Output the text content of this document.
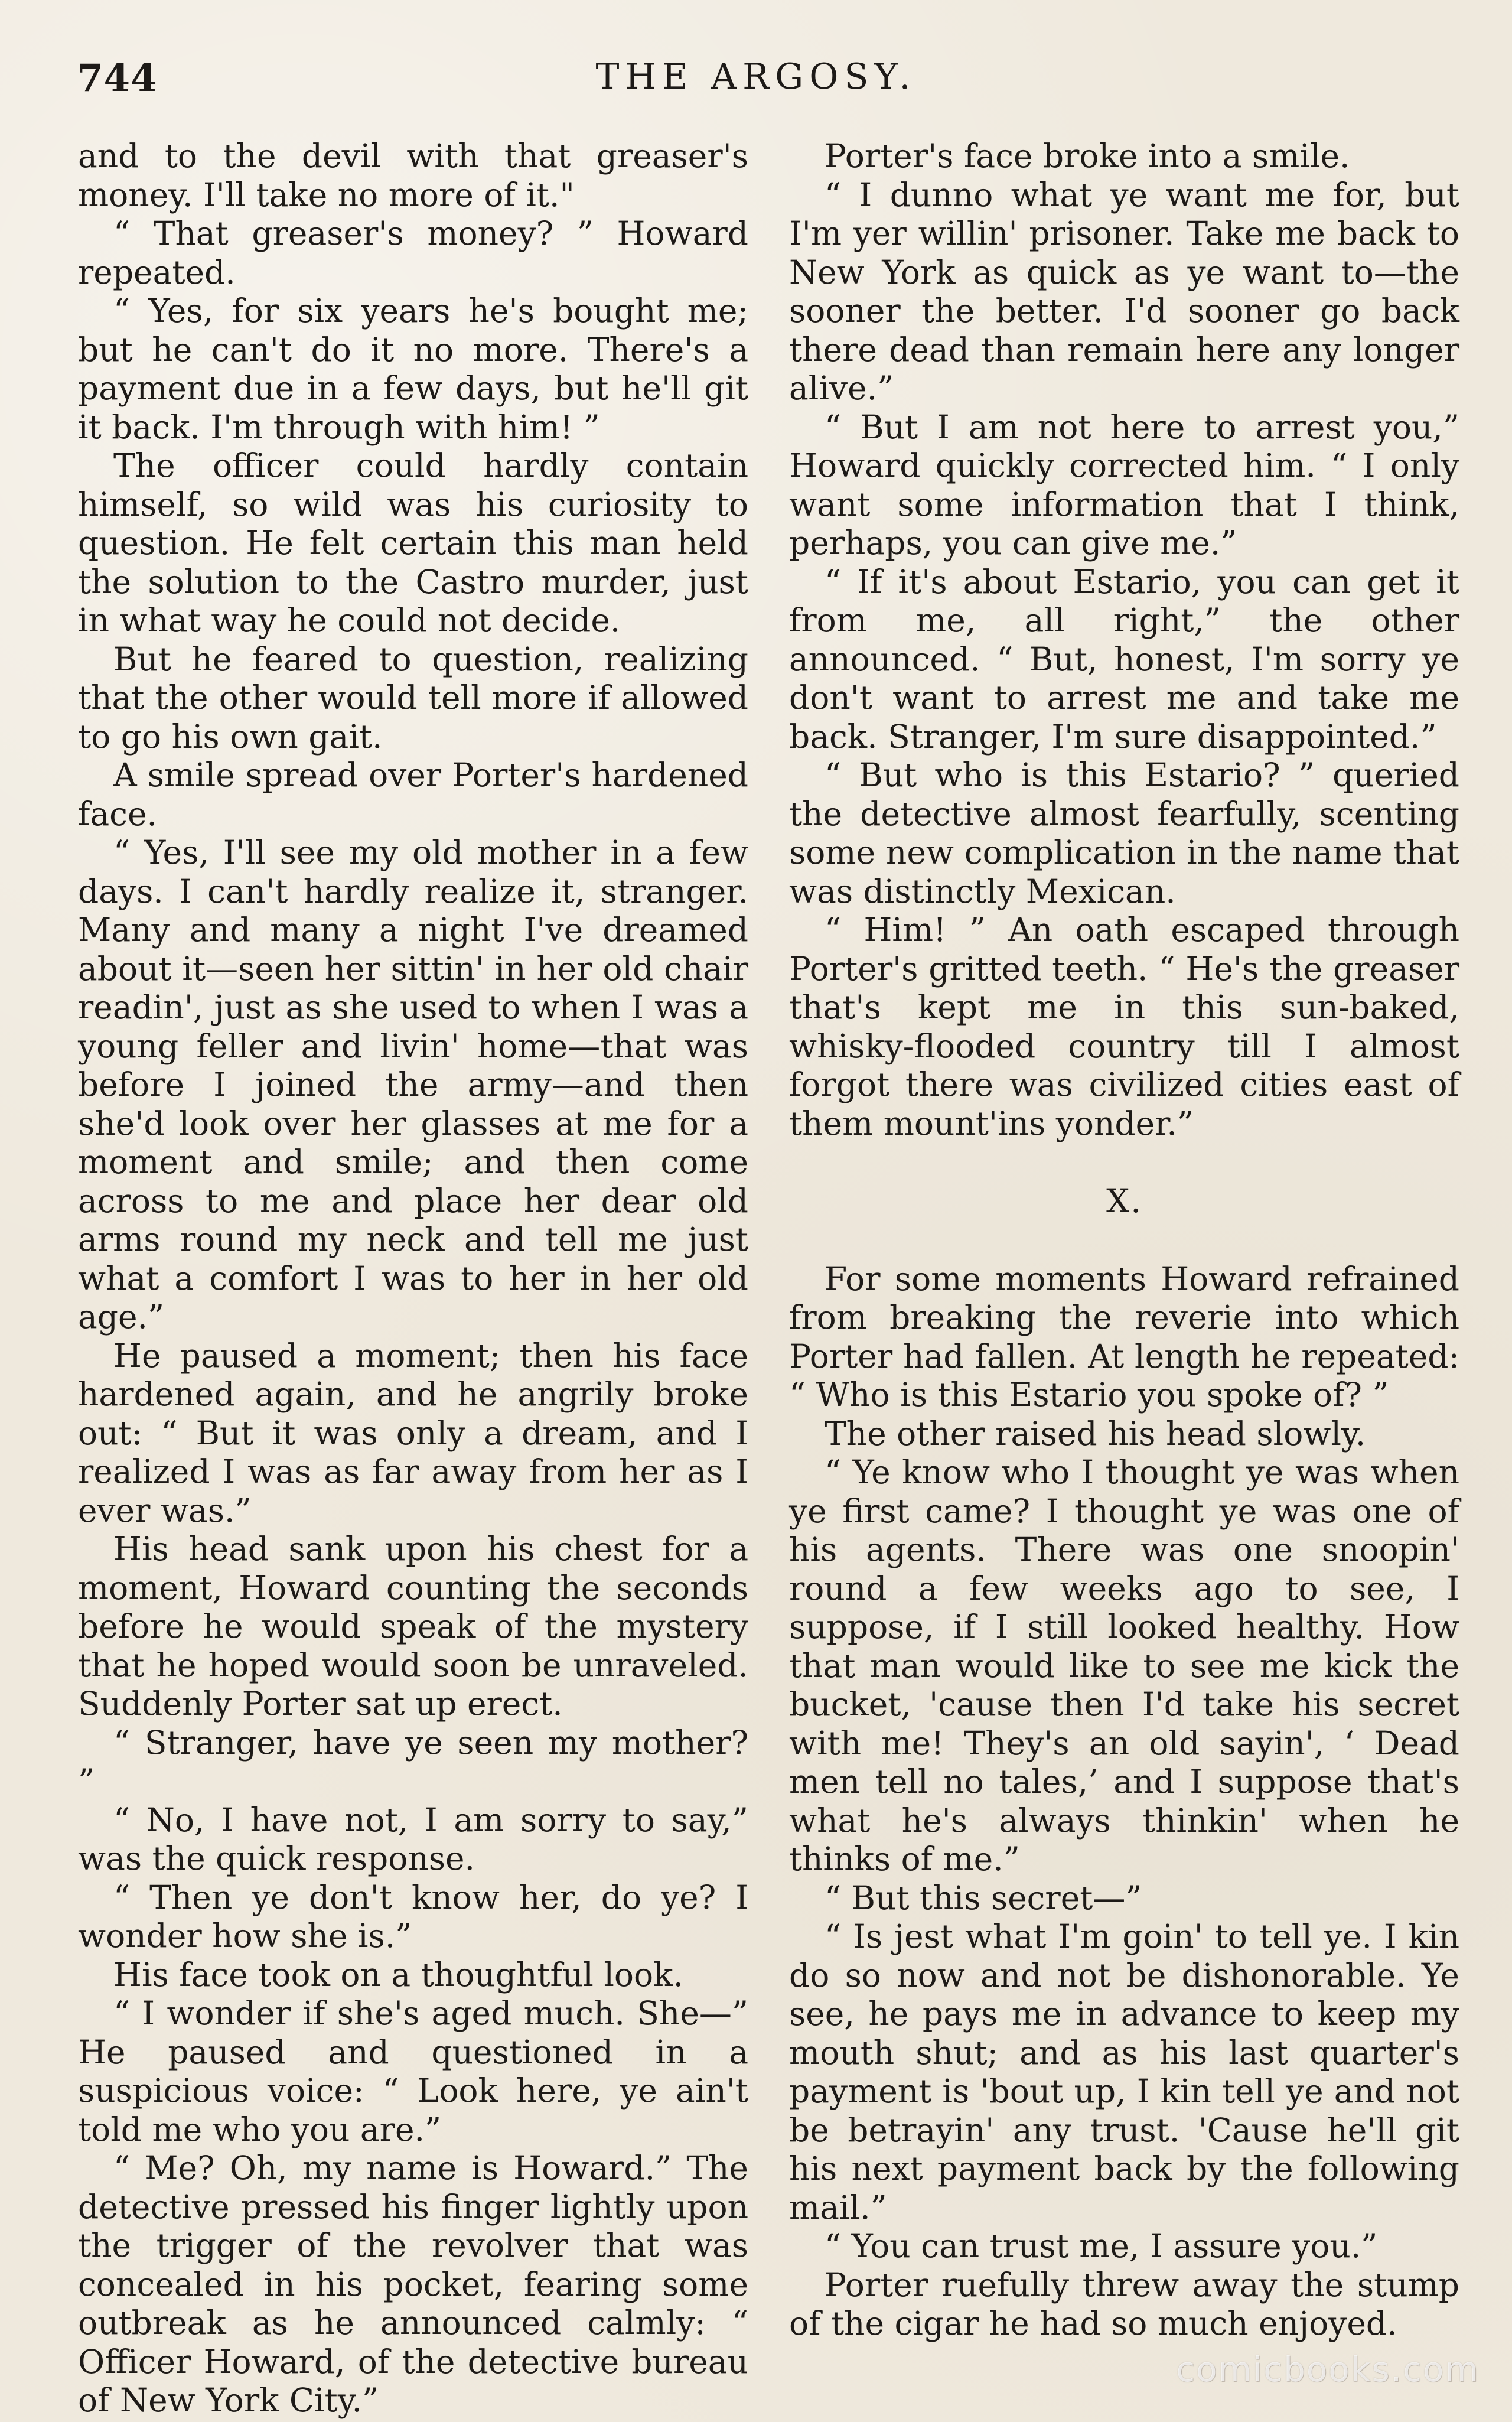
744	THE ARGOSY.

and to the devil with that greaser's money. I'll take no more of it."

“ That greaser's money? ” Howard repeated.

“ Yes, for six years he's bought me; but he can't do it no more. There's a payment due in a few days, but he'll git it back. I'm through with him! ”

The officer could hardly contain himself, so wild was his curiosity to question. He felt certain this man held the solution to the Castro murder, just in what way he could not decide.

But he feared to question, realizing that the other would tell more if allowed to go his own gait.

A smile spread over Porter's hardened face.

“ Yes, I'll see my old mother in a few days. I can't hardly realize it, stranger. Many and many a night I've dreamed about it—seen her sittin' in her old chair readin', just as she used to when I was a young feller and livin' home—that was before I joined the army—and then she'd look over her glasses at me for a moment and smile; and then come across to me and place her dear old arms round my neck and tell me just what a comfort I was to her in her old age.”

He paused a moment; then his face hardened again, and he angrily broke out: “ But it was only a dream, and I realized I was as far away from her as I ever was.”

His head sank upon his chest for a moment, Howard counting the seconds before he would speak of the mystery that he hoped would soon be unraveled. Suddenly Porter sat up erect.

“ Stranger, have ye seen my mother? ”

“ No, I have not, I am sorry to say,” was the quick response.

“ Then ye don't know her, do ye? I wonder how she is.”

His face took on a thoughtful look.

“ I wonder if she's aged much. She—” He paused and questioned in a suspicious voice: “ Look here, ye ain't told me who you are.”

“ Me? Oh, my name is Howard.” The detective pressed his finger lightly upon the trigger of the revolver that was concealed in his pocket, fearing some outbreak as he announced calmly: “ Officer Howard, of the detective bureau of New York City.”

Porter's face broke into a smile.

“ I dunno what ye want me for, but I'm yer willin' prisoner. Take me back to New York as quick as ye want to—the sooner the better. I'd sooner go back there dead than remain here any longer alive.”

“ But I am not here to arrest you,” Howard quickly corrected him. “ I only want some information that I think, perhaps, you can give me.”

“ If it's about Estario, you can get it from me, all right,” the other announced. “ But, honest, I'm sorry ye don't want to arrest me and take me back. Stranger, I'm sure disappointed.”

“ But who is this Estario? ” queried the detective almost fearfully, scenting some new complication in the name that was distinctly Mexican.

“ Him! ” An oath escaped through Porter's gritted teeth. “ He's the greaser that's kept me in this sun-baked, whisky-flooded country till I almost forgot there was civilized cities east of them mount'ins yonder.”

X.

For some moments Howard refrained from breaking the reverie into which Porter had fallen. At length he repeated: “ Who is this Estario you spoke of? ”

The other raised his head slowly.

“ Ye know who I thought ye was when ye first came? I thought ye was one of his agents. There was one snoopin' round a few weeks ago to see, I suppose, if I still looked healthy. How that man would like to see me kick the bucket, 'cause then I'd take his secret with me! They's an old sayin', ‘ Dead men tell no tales,’ and I suppose that's what he's always thinkin' when he thinks of me.”

“ But this secret—”

“ Is jest what I'm goin' to tell ye. I kin do so now and not be dishonorable. Ye see, he pays me in advance to keep my mouth shut; and as his last quarter's payment is 'bout up, I kin tell ye and not be betrayin' any trust. 'Cause he'll git his next payment back by the following mail.”

“ You can trust me, I assure you.”

Porter ruefully threw away the stump of the cigar he had so much enjoyed.

comicbooks.com
